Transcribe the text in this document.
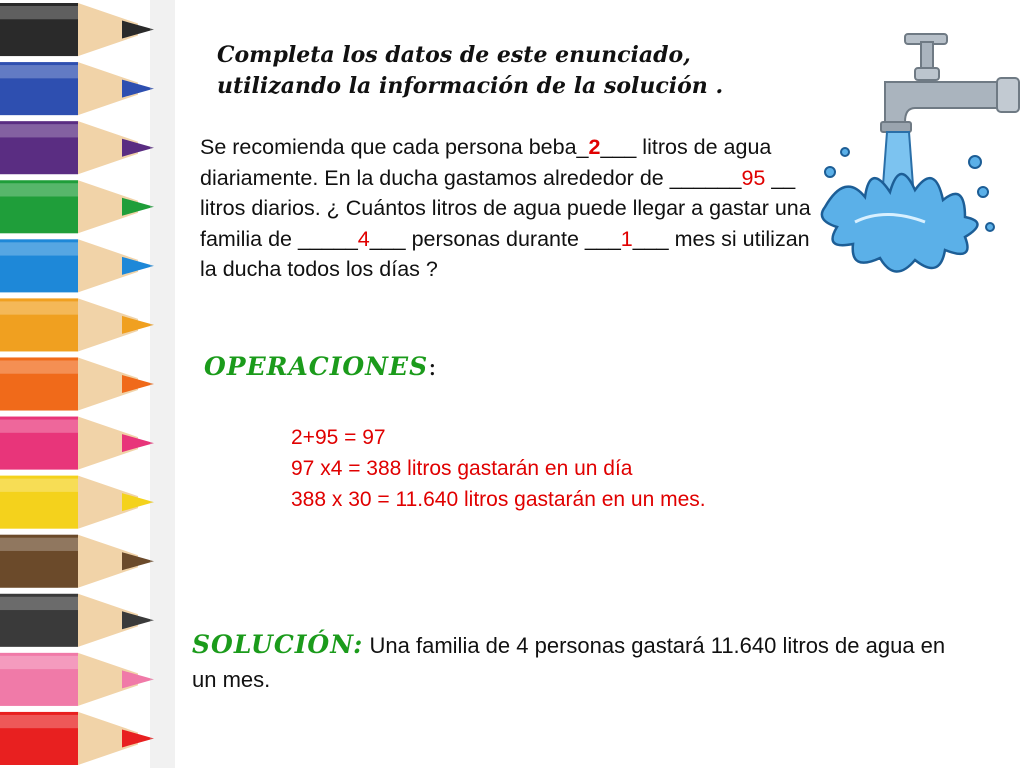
Completa los datos de este enunciado,
utilizando la información de la solución .
Se recomienda que cada persona beba_2___ litros de agua diariamente. En la ducha gastamos alrededor de ______95 __ litros diarios. ¿ Cuántos litros de agua puede llegar a gastar una familia de _____4___ personas durante ___1___ mes si utilizan la ducha todos los días ?
OPERACIONES:
2+95 = 97
97 x4 = 388 litros gastarán en un día
388 x 30 = 11.640 litros gastarán en un mes.
SOLUCIÓN: Una familia de 4 personas gastará 11.640 litros de agua en un mes.
